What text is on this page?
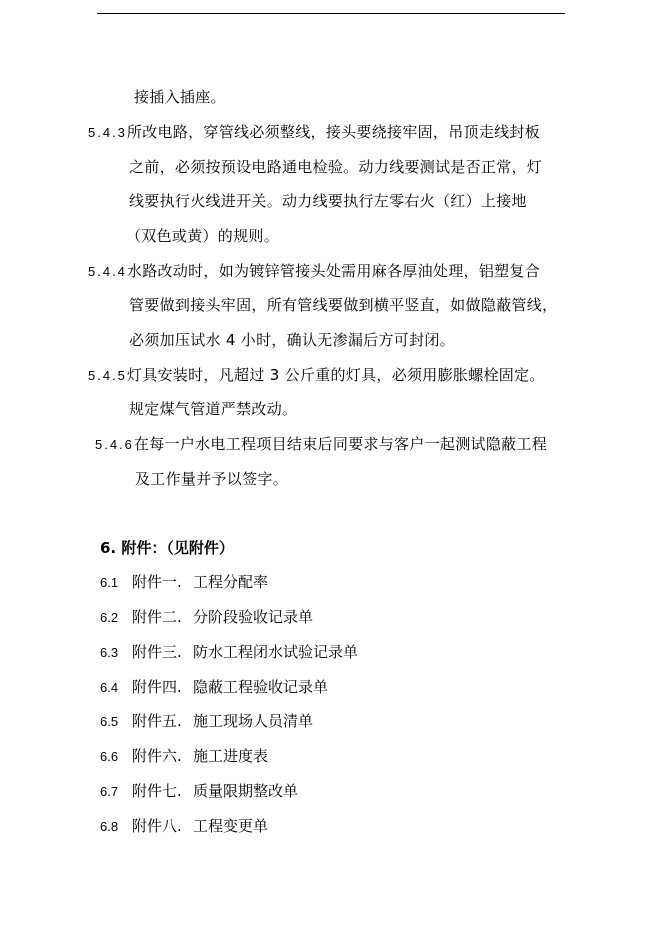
接插入插座。
5.4.3所改电路，穿管线必须整线，接头要绕接牢固，吊顶走线封板
之前，必须按预设电路通电检验。动力线要测试是否正常，灯
线要执行火线进开关。动力线要执行左零右火（红）上接地
（双色或黄）的规则。
5.4.4水路改动时，如为镀锌管接头处需用麻各厚油处理，铝塑复合
管要做到接头牢固，所有管线要做到横平竖直，如做隐蔽管线，
必须加压试水 4 小时，确认无渗漏后方可封闭。
5.4.5灯具安装时，凡超过 3 公斤重的灯具，必须用膨胀螺栓固定。
规定煤气管道严禁改动。
5.4.6在每一户水电工程项目结束后同要求与客户一起测试隐蔽工程
及工作量并予以签字。
6. 附件：（见附件）
6.1 附件一. 工程分配率
6.2 附件二. 分阶段验收记录单
6.3 附件三. 防水工程闭水试验记录单
6.4 附件四. 隐蔽工程验收记录单
6.5 附件五. 施工现场人员清单
6.6 附件六. 施工进度表
6.7 附件七. 质量限期整改单
6.8 附件八. 工程变更单
